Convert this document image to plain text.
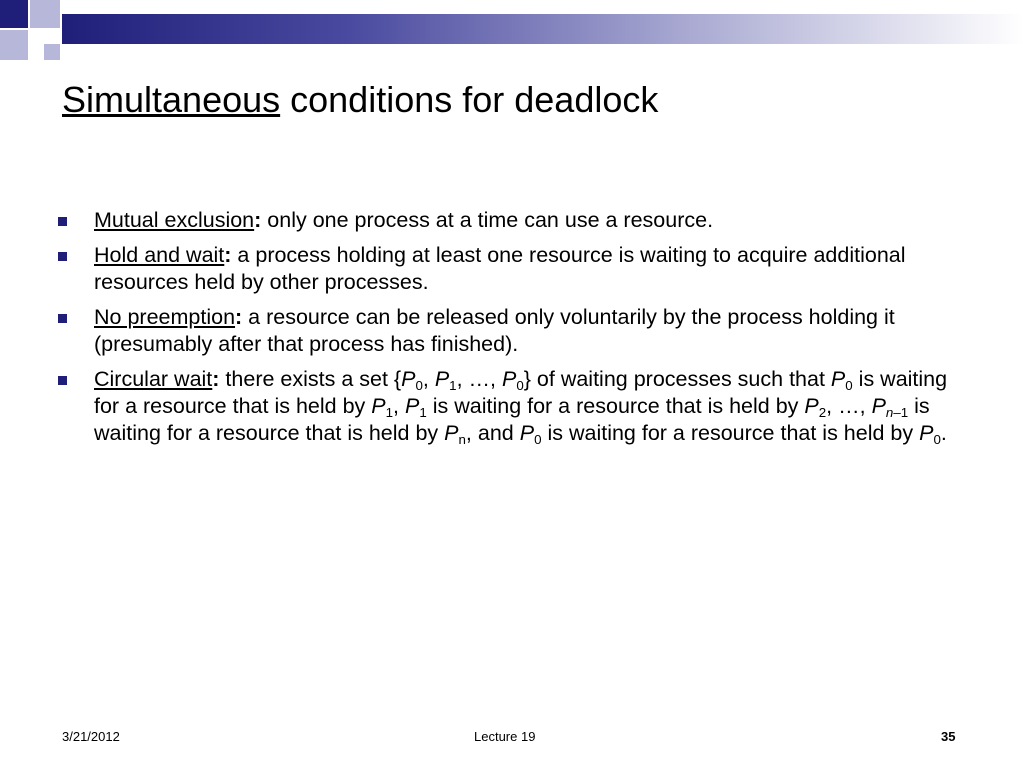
Simultaneous conditions for deadlock
Mutual exclusion: only one process at a time can use a resource.
Hold and wait: a process holding at least one resource is waiting to acquire additional resources held by other processes.
No preemption: a resource can be released only voluntarily by the process holding it (presumably after that process has finished).
Circular wait: there exists a set {$P_0$, $P_1$, …, $P_0$} of waiting processes such that $P_0$ is waiting for a resource that is held by $P_1$, $P_1$ is waiting for a resource that is held by $P_2$, …, $P_{n-1}$ is waiting for a resource that is held by $P_n$, and $P_0$ is waiting for a resource that is held by $P_0$.
3/21/2012	Lecture 19	35
